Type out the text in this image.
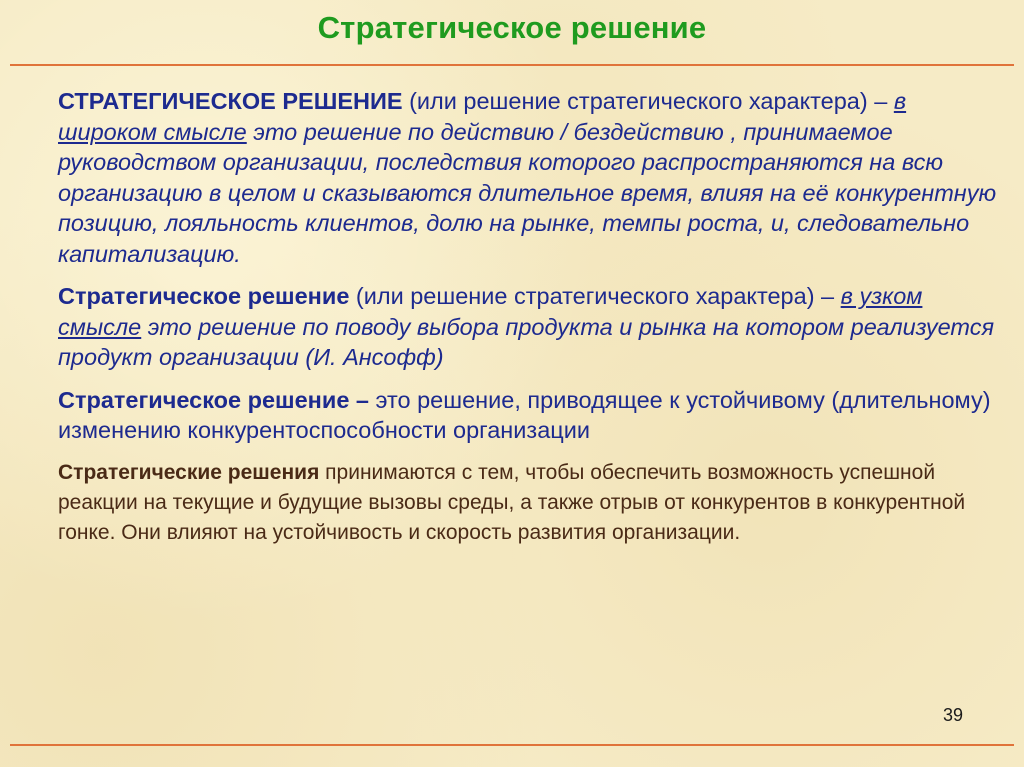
Стратегическое решение

СТРАТЕГИЧЕСКОЕ РЕШЕНИЕ (или решение стратегического характера) – в широком смысле это решение по действию / бездействию , принимаемое руководством организации, последствия которого распространяются на всю организацию в целом и сказываются длительное время, влияя на её конкурентную позицию, лояльность клиентов, долю на рынке, темпы роста, и, следовательно капитализацию.

Стратегическое решение (или решение стратегического характера) – в узком смысле это решение по поводу выбора продукта и рынка на котором реализуется продукт организации (И. Ансофф)

Стратегическое решение – это решение, приводящее к устойчивому (длительному) изменению конкурентоспособности организации

Стратегические решения принимаются с тем, чтобы обеспечить возможность успешной реакции на текущие и будущие вызовы среды, а также отрыв от конкурентов в конкурентной гонке. Они влияют на устойчивость и скорость развития организации.

39
